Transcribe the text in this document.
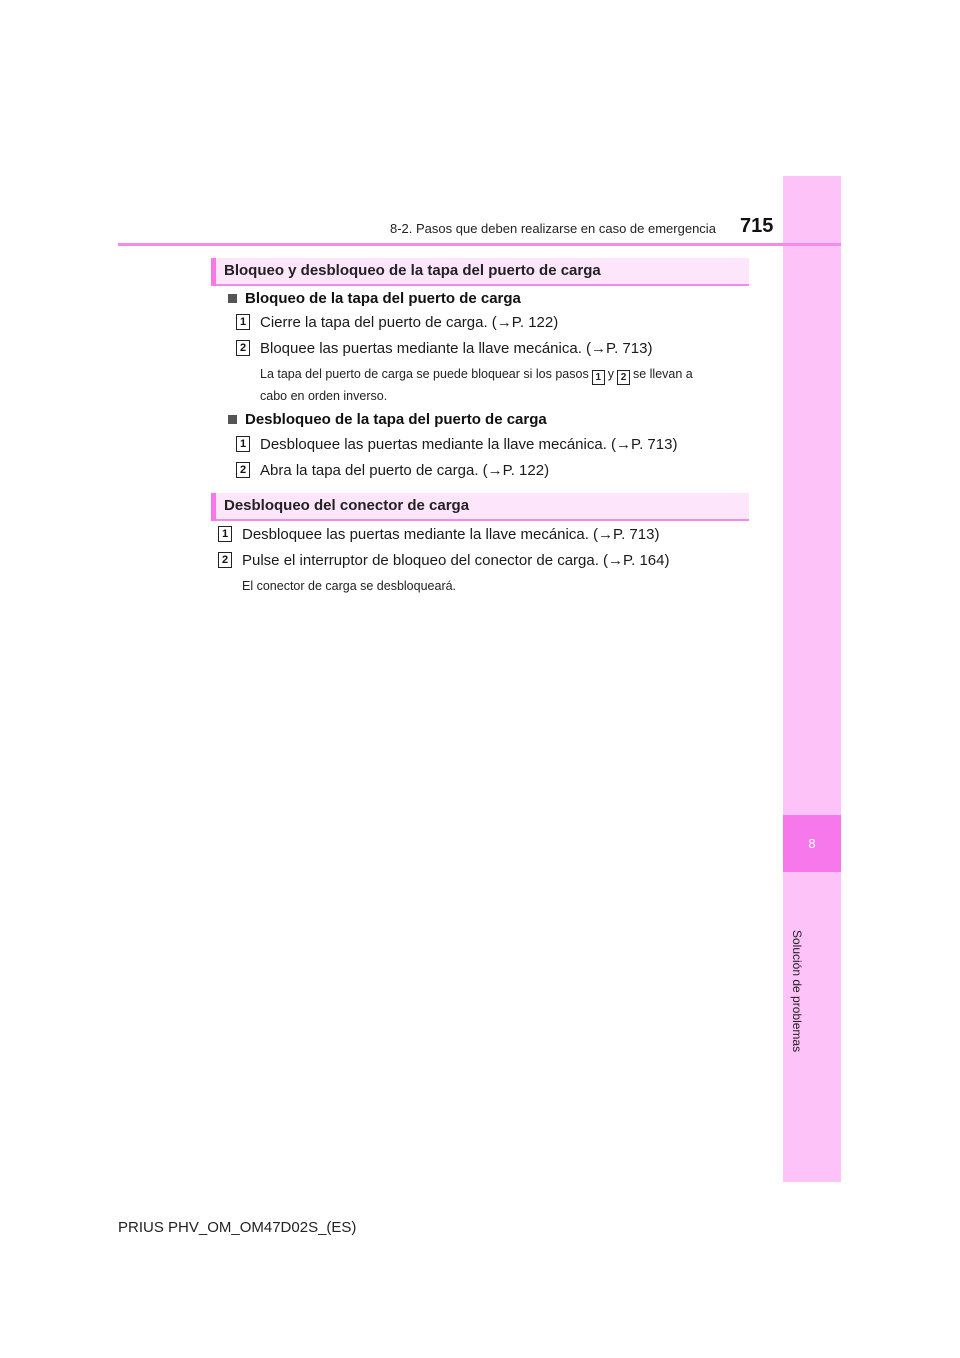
8
Solución de problemas
8-2. Pasos que deben realizarse en caso de emergencia 715
Bloqueo y desbloqueo de la tapa del puerto de carga
Bloqueo de la tapa del puerto de carga
1 Cierre la tapa del puerto de carga. (→P. 122)
2 Bloquee las puertas mediante la llave mecánica. (→P. 713)
La tapa del puerto de carga se puede bloquear si los pasos 1 y 2 se llevan a
cabo en orden inverso.
Desbloqueo de la tapa del puerto de carga
1 Desbloquee las puertas mediante la llave mecánica. (→P. 713)
2 Abra la tapa del puerto de carga. (→P. 122)
Desbloqueo del conector de carga
1 Desbloquee las puertas mediante la llave mecánica. (→P. 713)
2 Pulse el interruptor de bloqueo del conector de carga. (→P. 164)
El conector de carga se desbloqueará.
PRIUS PHV_OM_OM47D02S_(ES)
